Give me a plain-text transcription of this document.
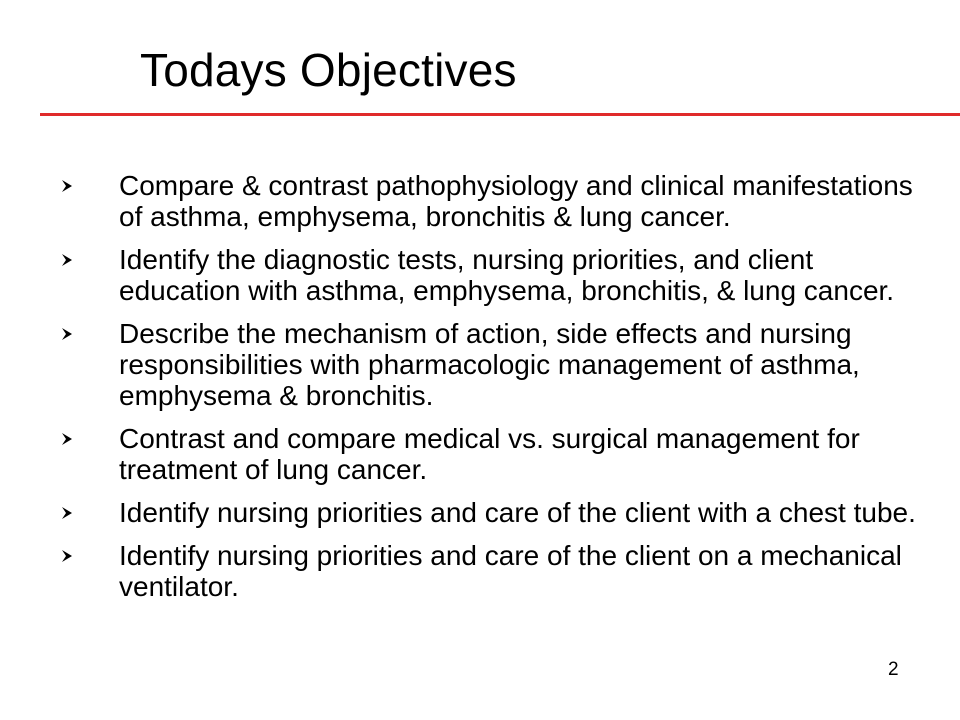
Todays Objectives
Compare & contrast pathophysiology and clinical manifestations of asthma, emphysema, bronchitis & lung cancer.
Identify the diagnostic tests, nursing priorities, and client education with asthma, emphysema, bronchitis, & lung cancer.
Describe the mechanism of action, side effects and nursing responsibilities with pharmacologic management of asthma, emphysema & bronchitis.
Contrast and compare medical vs. surgical management for treatment of lung cancer.
Identify nursing priorities and care of the client with a chest tube.
Identify nursing priorities and care of the client on a mechanical ventilator.
2
